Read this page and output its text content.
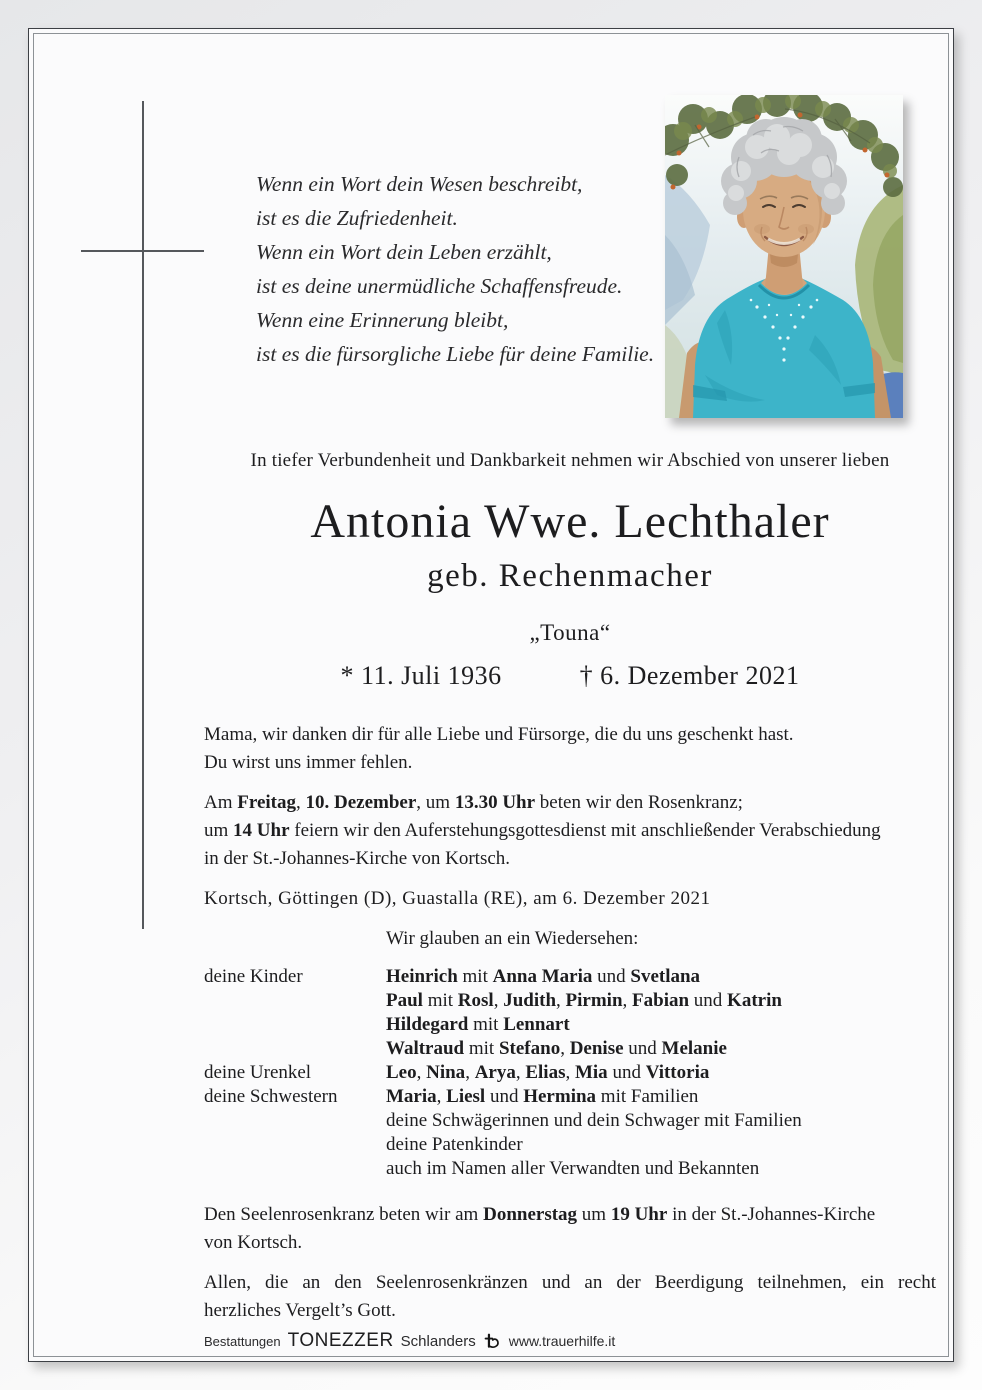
Wenn ein Wort dein Wesen beschreibt,
ist es die Zufriedenheit.
Wenn ein Wort dein Leben erzählt,
ist es deine unermüdliche Schaffensfreude.
Wenn eine Erinnerung bleibt,
ist es die fürsorgliche Liebe für deine Familie.
In tiefer Verbundenheit und Dankbarkeit nehmen wir Abschied von unserer lieben
Antonia Wwe. Lechthaler
geb. Rechenmacher
„Touna“
* 11. Juli 1936	† 6. Dezember 2021
Mama, wir danken dir für alle Liebe und Fürsorge, die du uns geschenkt hast.
Du wirst uns immer fehlen.
Am Freitag, 10. Dezember, um 13.30 Uhr beten wir den Rosenkranz;
um 14 Uhr feiern wir den Auferstehungsgottesdienst mit anschließender Verabschiedung
in der St.-Johannes-Kirche von Kortsch.
Kortsch, Göttingen (D), Guastalla (RE), am 6. Dezember 2021
Wir glauben an ein Wiedersehen:
deine Kinder	Heinrich mit Anna Maria und Svetlana
Paul mit Rosl, Judith, Pirmin, Fabian und Katrin
Hildegard mit Lennart
Waltraud mit Stefano, Denise und Melanie
deine Urenkel	Leo, Nina, Arya, Elias, Mia und Vittoria
deine Schwestern	Maria, Liesl und Hermina mit Familien
deine Schwägerinnen und dein Schwager mit Familien
deine Patenkinder
auch im Namen aller Verwandten und Bekannten
Den Seelenrosenkranz beten wir am Donnerstag um 19 Uhr in der St.-Johannes-Kirche
von Kortsch.
Allen, die an den Seelenrosenkränzen und an der Beerdigung teilnehmen, ein recht
herzliches Vergelt’s Gott.
Bestattungen TONEZZER Schlanders www.trauerhilfe.it
